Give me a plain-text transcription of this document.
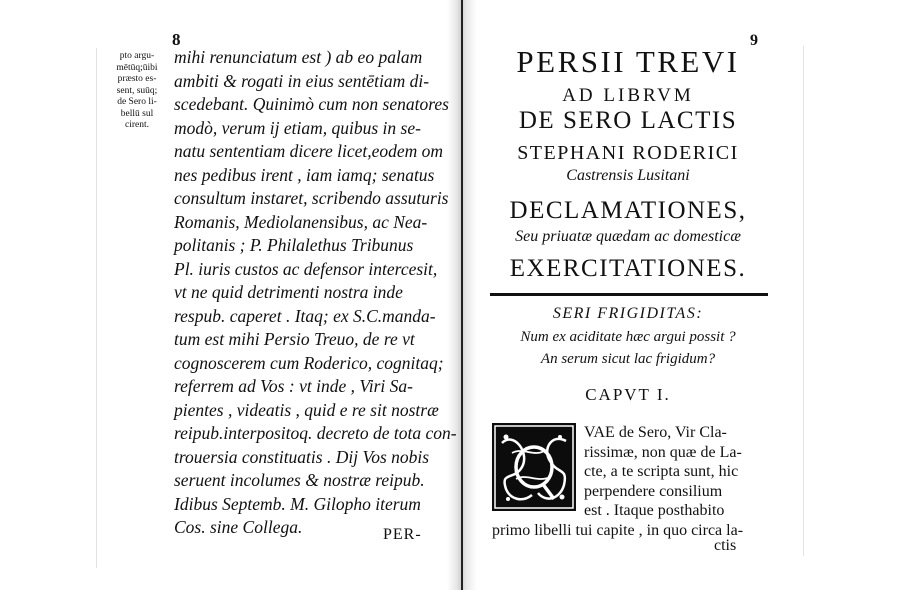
8
pto argu-
mētūq;ūibi
præsto es-
sent, suūq;
de Sero li-
bellū sul
cirent.
mihi renunciatum est ) ab eo palam
ambiti & rogati in eius sentētiam di-
scedebant. Quinimò cum non senatores
modò, verum ij etiam, quibus in se-
natu sententiam dicere licet,eodem om
nes pedibus irent , iam iamq; senatus
consultum instaret, scribendo assuturis
Romanis, Mediolanensibus, ac Nea-
politanis ; P. Philalethus Tribunus
Pl. iuris custos ac defensor intercesit,
vt ne quid detrimenti nostra inde
respub. caperet . Itaq; ex S.C.manda-
tum est mihi Persio Treuo, de re vt
cognoscerem cum Roderico, cognitaq;
referrem ad Vos : vt inde , Viri Sa-
pientes , videatis , quid e re sit nostræ
reipub.interpositoq. decreto de tota con-
trouersia constituatis . Dij Vos nobis
seruent incolumes & nostræ reipub.
Idibus Septemb. M. Gilopho iterum
Cos. sine Collega.	PER-
9
PERSII TREVI
AD LIBRVM
DE SERO LACTIS
STEPHANI RODERICI
Castrensis Lusitani
DECLAMATIONES,
Seu priuatæ quædam ac domesticæ
EXERCITATIONES.
SERI FRIGIDITAS:
Num ex aciditate hæc argui possit ?
An serum sicut lac frigidum?
CAPVT I.
VAE de Sero, Vir Cla-
rissimæ, non quæ de La-
cte, a te scripta sunt, hic
perpendere consilium
est . Itaque posthabito
primo libelli tui capite , in quo circa la-
ctis
